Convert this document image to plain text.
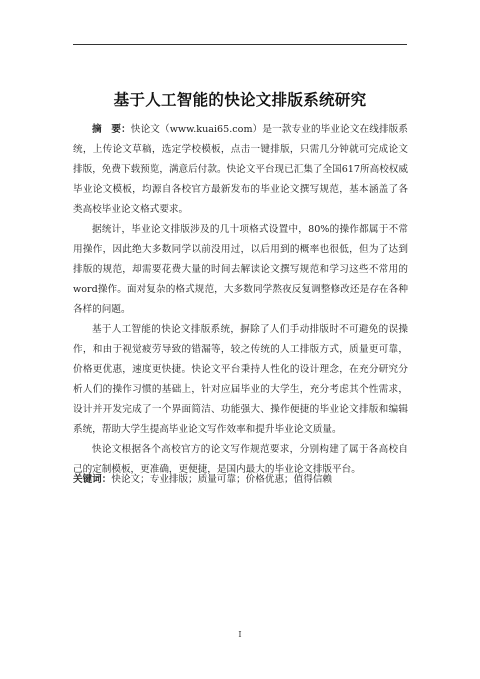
基于人工智能的快论文排版系统研究

摘　要：快论文（www.kuai65.com）是一款专业的毕业论文在线排版系统，上传论文草稿，选定学校模板，点击一键排版，只需几分钟就可完成论文排版，免费下载预览，满意后付款。快论文平台现已汇集了全国617所高校权威毕业论文模板，均源自各校官方最新发布的毕业论文撰写规范，基本涵盖了各类高校毕业论文格式要求。

据统计，毕业论文排版涉及的几十项格式设置中，80%的操作都属于不常用操作，因此绝大多数同学以前没用过，以后用到的概率也很低，但为了达到排版的规范，却需要花费大量的时间去解读论文撰写规范和学习这些不常用的word操作。面对复杂的格式规范，大多数同学熬夜反复调整修改还是存在各种各样的问题。

基于人工智能的快论文排版系统，摒除了人们手动排版时不可避免的误操作，和由于视觉疲劳导致的错漏等，较之传统的人工排版方式，质量更可靠，价格更优惠，速度更快捷。快论文平台秉持人性化的设计理念，在充分研究分析人们的操作习惯的基础上，针对应届毕业的大学生，充分考虑其个性需求，设计并开发完成了一个界面简洁、功能强大、操作便捷的毕业论文排版和编辑系统，帮助大学生提高毕业论文写作效率和提升毕业论文质量。

快论文根据各个高校官方的论文写作规范要求，分别构建了属于各高校自己的定制模板，更准确，更便捷，是国内最大的毕业论文排版平台。

关键词：快论文；专业排版；质量可靠；价格优惠；值得信赖
I
